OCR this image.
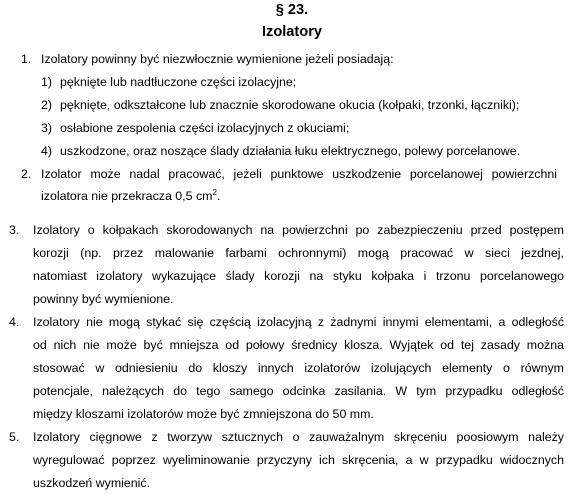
§ 23.
Izolatory
1. Izolatory powinny być niezwłocznie wymienione jeżeli posiadają:
1) pęknięte lub nadtłuczone części izolacyjne;
2) pęknięte, odkształcone lub znacznie skorodowane okucia (kołpaki, trzonki, łączniki);
3) osłabione zespolenia części izolacyjnych z okuciami;
4) uszkodzone, oraz noszące ślady działania łuku elektrycznego, polewy porcelanowe.
2. Izolator może nadal pracować, jeżeli punktowe uszkodzenie porcelanowej powierzchni
izolatora nie przekracza 0,5 $cm^2$.
3. Izolatory o kołpakach skorodowanych na powierzchni po zabezpieczeniu przed postępem
korozji (np. przez malowanie farbami ochronnymi) mogą pracować w sieci jezdnej,
natomiast izolatory wykazujące ślady korozji na styku kołpaka i trzonu porcelanowego
powinny być wymienione.
4. Izolatory nie mogą stykać się częścią izolacyjną z żadnymi innymi elementami, a odległość
od nich nie może być mniejsza od połowy średnicy klosza. Wyjątek od tej zasady można
stosować w odniesieniu do kloszy innych izolatorów izolujących elementy o równym
potencjale, należących do tego samego odcinka zasilania. W tym przypadku odległość
między kloszami izolatorów może być zmniejszona do 50 mm.
5. Izolatory cięgnowe z tworzyw sztucznych o zauważalnym skręceniu poosiowym należy
wyregulować poprzez wyeliminowanie przyczyny ich skręcenia, a w przypadku widocznych
uszkodzeń wymienić.
